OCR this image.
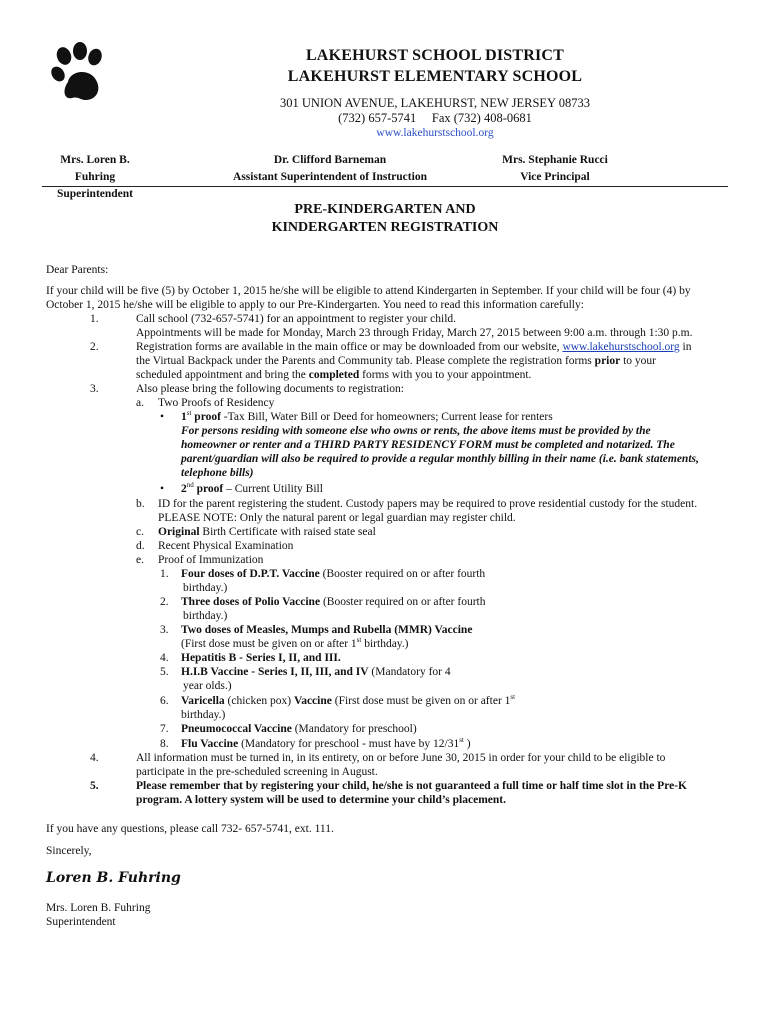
LAKEHURST SCHOOL DISTRICT
LAKEHURST ELEMENTARY SCHOOL
301 UNION AVENUE, LAKEHURST, NEW JERSEY 08733
(732) 657-5741 Fax (732) 408-0681
www.lakehurstschool.org
Mrs. Loren B. Fuhring
Superintendent
Dr. Clifford Barneman
Assistant Superintendent of Instruction
Mrs. Stephanie Rucci
Vice Principal
PRE-KINDERGARTEN AND
KINDERGARTEN REGISTRATION
Dear Parents:
If your child will be five (5) by October 1, 2015 he/she will be eligible to attend Kindergarten in September. If your child will be four (4) by
October 1, 2015 he/she will be eligible to apply to our Pre-Kindergarten. You need to read this information carefully:
1.	Call school (732-657-5741) for an appointment to register your child.
Appointments will be made for Monday, March 23 through Friday, March 27, 2015 between 9:00 a.m. through 1:30 p.m.
2.	Registration forms are available in the main office or may be downloaded from our website, www.lakehurstschool.org in
the Virtual Backpack under the Parents and Community tab. Please complete the registration forms prior to your
scheduled appointment and bring the completed forms with you to your appointment.
3.	Also please bring the following documents to registration:
a. Two Proofs of Residency
• 1st proof -Tax Bill, Water Bill or Deed for homeowners; Current lease for renters
For persons residing with someone else who owns or rents, the above items must be provided by the
homeowner or renter and a THIRD PARTY RESIDENCY FORM must be completed and notarized. The
parent/guardian will also be required to provide a regular monthly billing in their name (i.e. bank statements,
telephone bills)
• 2nd proof – Current Utility Bill
b. ID for the parent registering the student. Custody papers may be required to prove residential custody for the student.
PLEASE NOTE: Only the natural parent or legal guardian may register child.
c. Original Birth Certificate with raised state seal
d. Recent Physical Examination
e. Proof of Immunization
1. Four doses of D.P.T. Vaccine (Booster required on or after fourth
birthday.)
2. Three doses of Polio Vaccine (Booster required on or after fourth
birthday.)
3. Two doses of Measles, Mumps and Rubella (MMR) Vaccine
(First dose must be given on or after 1st birthday.)
4. Hepatitis B - Series I, II, and III.
5. H.I.B Vaccine - Series I, II, III, and IV (Mandatory for 4
year olds.)
6. Varicella (chicken pox) Vaccine (First dose must be given on or after 1st
birthday.)
7. Pneumococcal Vaccine (Mandatory for preschool)
8. Flu Vaccine (Mandatory for preschool - must have by 12/31st )
4.	All information must be turned in, in its entirety, on or before June 30, 2015 in order for your child to be eligible to
participate in the pre-scheduled screening in August.
5.	Please remember that by registering your child, he/she is not guaranteed a full time or half time slot in the Pre-K
program. A lottery system will be used to determine your child’s placement.
If you have any questions, please call 732- 657-5741, ext. 111.
Sincerely,
Loren B. Fuhring
Mrs. Loren B. Fuhring
Superintendent
